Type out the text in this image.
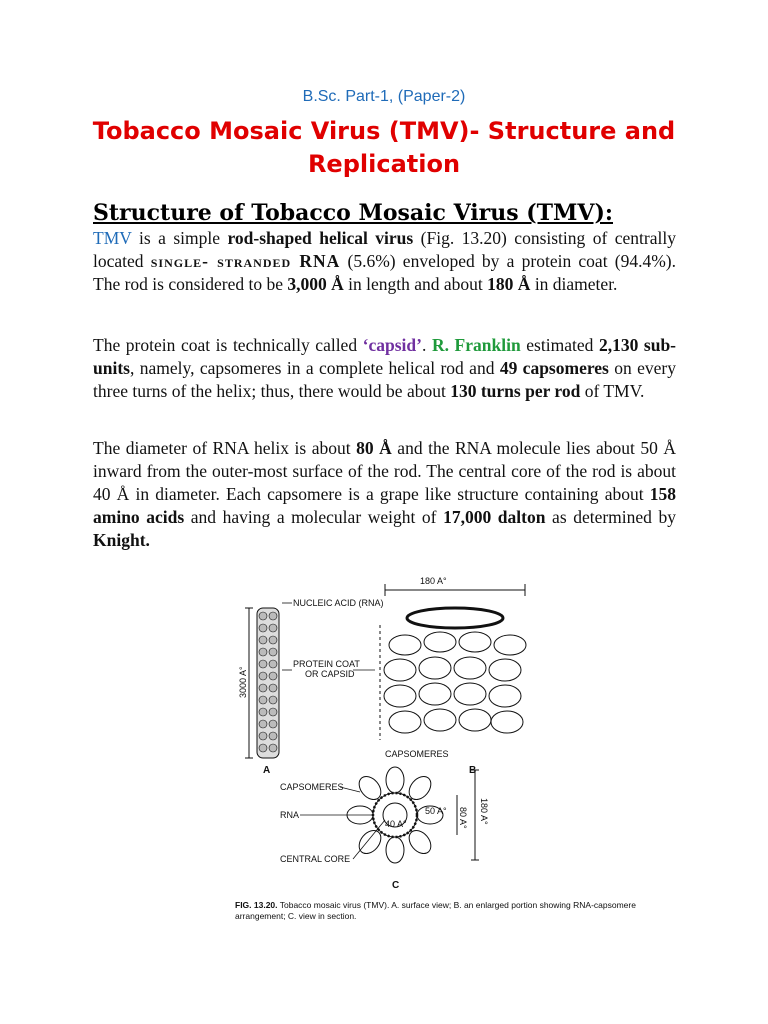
B.Sc. Part-1, (Paper-2)
Tobacco Mosaic Virus (TMV)- Structure and Replication
Structure of Tobacco Mosaic Virus (TMV):
TMV is a simple rod-shaped helical virus (Fig. 13.20) consisting of centrally located single- stranded RNA (5.6%) enveloped by a protein coat (94.4%). The rod is considered to be 3,000 Å in length and about 180 Å in diameter.
The protein coat is technically called ‘capsid’. R. Franklin estimated 2,130 sub-units, namely, capsomeres in a complete helical rod and 49 capsomeres on every three turns of the helix; thus, there would be about 130 turns per rod of TMV.
The diameter of RNA helix is about 80 Å and the RNA molecule lies about 50 Å inward from the outer-most surface of the rod. The central core of the rod is about 40 Å in diameter. Each capsomere is a grape like structure containing about 158 amino acids and having a molecular weight of 17,000 dalton as determined by Knight.
180 A°
NUCLEIC ACID (RNA)
PROTEIN COAT
OR CAPSID
3000 A°
CAPSOMERES
A	B
CAPSOMERES
RNA
40 A°
50 A° 80 A° 180 A°
CENTRAL CORE
C
FIG. 13.20. Tobacco mosaic virus (TMV). A. surface view; B. an enlarged portion showing RNA-capsomere arrangement; C. view in section.
